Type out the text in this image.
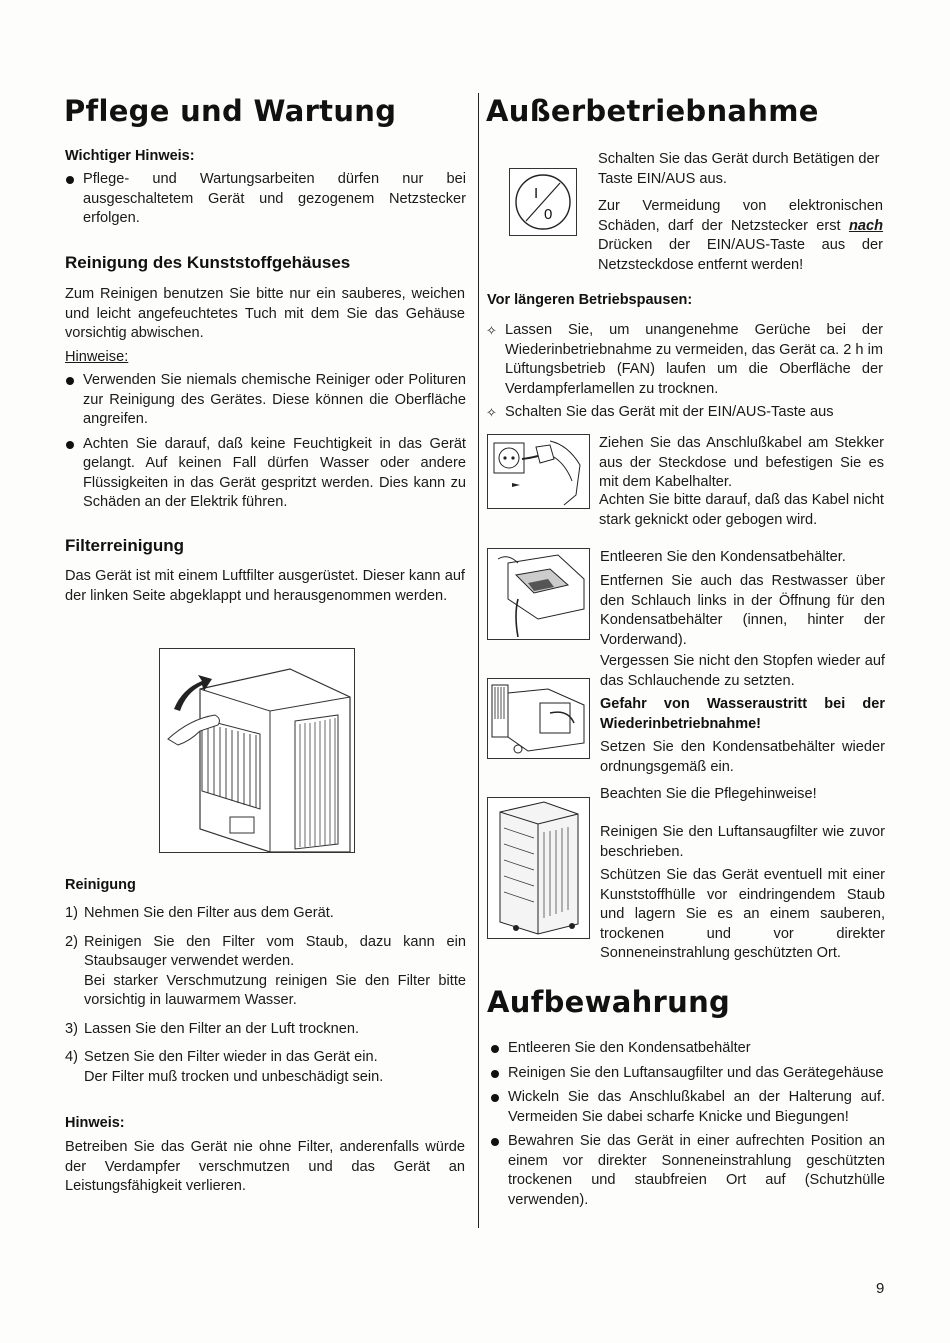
Pflege und Wartung
Wichtiger Hinweis:
Pflege- und Wartungsarbeiten dürfen nur bei ausgeschaltetem Gerät und gezogenem Netzstecker erfolgen.
Reinigung des Kunststoffgehäuses
Zum Reinigen benutzen Sie bitte nur ein sauberes, weichen und leicht angefeuchtetes Tuch mit dem Sie das Gehäuse vorsichtig abwischen.
Hinweise:
Verwenden Sie niemals chemische Reiniger oder Polituren zur Reinigung des Gerätes. Diese können die Oberfläche angreifen.
Achten Sie darauf, daß keine Feuchtigkeit in das Gerät gelangt. Auf keinen Fall dürfen Wasser oder andere Flüssigkeiten in das Gerät gespritzt werden. Dies kann zu Schäden an der Elektrik führen.
Filterreinigung
Das Gerät ist mit einem Luftfilter ausgerüstet. Dieser kann auf der linken Seite abgeklappt und herausgenommen werden.
Reinigung
1) Nehmen Sie den Filter aus dem Gerät.
2) Reinigen Sie den Filter vom Staub, dazu kann ein Staubsauger verwendet werden.
Bei starker Verschmutzung reinigen Sie den Filter bitte vorsichtig in lauwarmem Wasser.
3) Lassen Sie den Filter an der Luft trocknen.
4) Setzen Sie den Filter wieder in das Gerät ein.
Der Filter muß trocken und unbeschädigt sein.
Hinweis:
Betreiben Sie das Gerät nie ohne Filter, anderenfalls würde der Verdampfer verschmutzen und das Gerät an Leistungsfähigkeit verlieren.
Außerbetriebnahme
I
0
Schalten Sie das Gerät durch Betätigen der Taste EIN/AUS aus.
Zur Vermeidung von elektronischen Schäden, darf der Netzstecker erst nach Drücken der EIN/AUS-Taste aus der Netzsteckdose entfernt werden!
Vor längeren Betriebspausen:
✧ Lassen Sie, um unangenehme Gerüche bei der Wiederinbetriebnahme zu vermeiden, das Gerät ca. 2 h im Lüftungsbetrieb (FAN) laufen um die Oberfläche der Verdampferlamellen zu trocknen.
✧ Schalten Sie das Gerät mit der EIN/AUS-Taste aus
Ziehen Sie das Anschlußkabel am Stekker aus der Steckdose und befestigen Sie es mit dem Kabelhalter.
Achten Sie bitte darauf, daß das Kabel nicht stark geknickt oder gebogen wird.
Entleeren Sie den Kondensatbehälter.
Entfernen Sie auch das Restwasser über den Schlauch links in der Öffnung für den Kondensatbehälter (innen, hinter der Vorderwand).
Vergessen Sie nicht den Stopfen wieder auf das Schlauchende zu setzten.
Gefahr von Wasseraustritt bei der Wiederinbetriebnahme!
Setzen Sie den Kondensatbehälter wieder ordnungsgemäß ein.
Beachten Sie die Pflegehinweise!
Reinigen Sie den Luftansaugfilter wie zuvor beschrieben.
Schützen Sie das Gerät eventuell mit einer Kunststoffhülle vor eindringendem Staub und lagern Sie es an einem sauberen, trockenen und vor direkter Sonneneinstrahlung geschützten Ort.
Aufbewahrung
Entleeren Sie den Kondensatbehälter
Reinigen Sie den Luftansaugfilter und das Gerätegehäuse
Wickeln Sie das Anschlußkabel an der Halterung auf. Vermeiden Sie dabei scharfe Knicke und Biegungen!
Bewahren Sie das Gerät in einer aufrechten Position an einem vor direkter Sonneneinstrahlung geschützten trockenen und staubfreien Ort auf (Schutzhülle verwenden).
9
